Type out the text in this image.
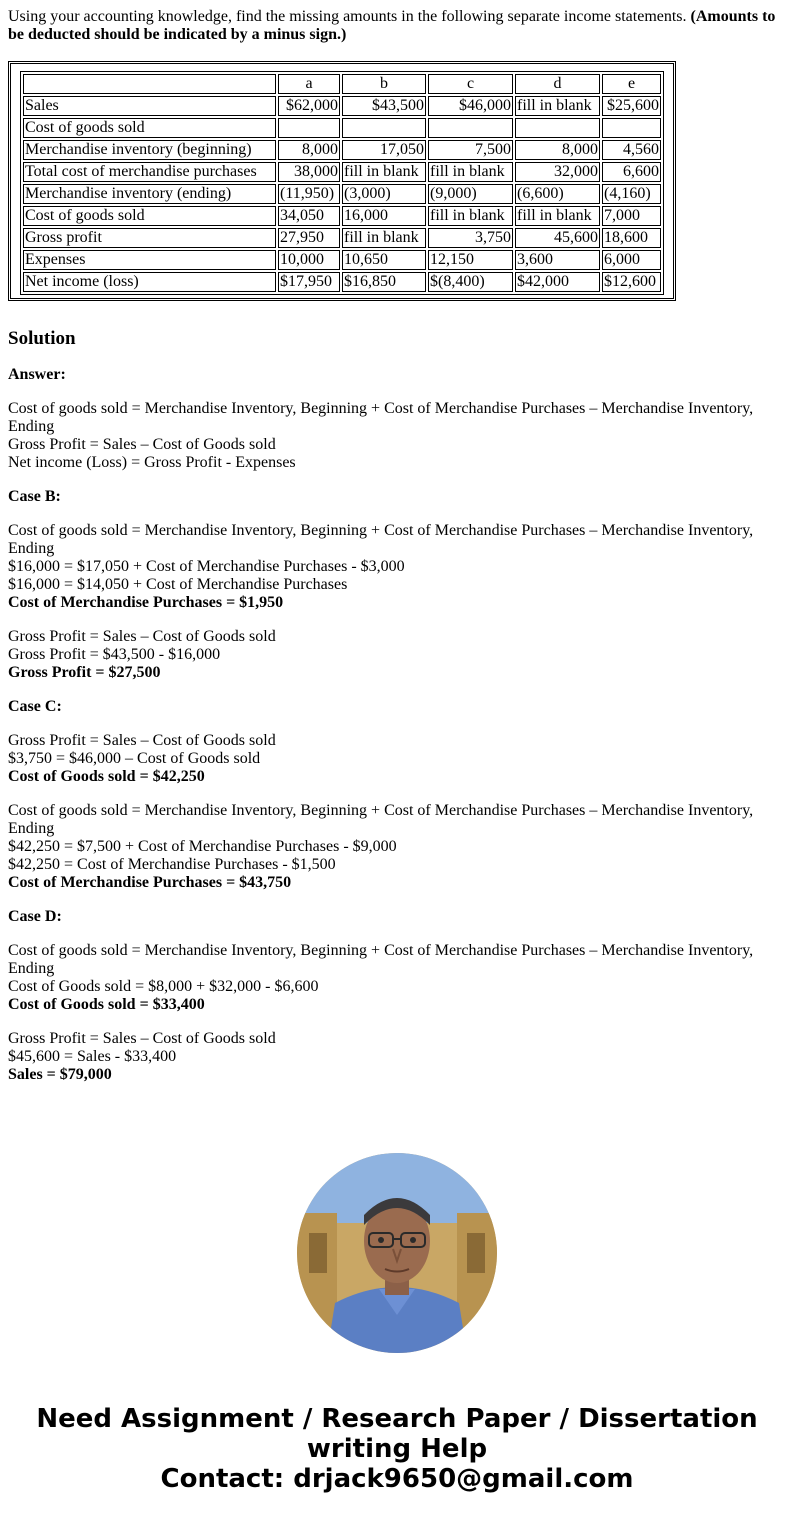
Using your accounting knowledge, find the missing amounts in the following separate income statements. (Amounts to be deducted should be indicated by a minus sign.)

	a	b	c	d	e
Sales	$62,000	$43,500	$46,000	fill in blank	$25,600
Cost of goods sold					
Merchandise inventory (beginning)	8,000	17,050	7,500	8,000	4,560
Total cost of merchandise purchases	38,000	fill in blank	fill in blank	32,000	6,600
Merchandise inventory (ending)	(11,950)	(3,000)	(9,000)	(6,600)	(4,160)
Cost of goods sold	34,050	16,000	fill in blank	fill in blank	7,000
Gross profit	27,950	fill in blank	3,750	45,600	18,600
Expenses	10,000	10,650	12,150	3,600	6,000
Net income (loss)	$17,950	$16,850	$(8,400)	$42,000	$12,600
Solution

Answer:

Cost of goods sold = Merchandise Inventory, Beginning + Cost of Merchandise Purchases – Merchandise Inventory, Ending
Gross Profit = Sales – Cost of Goods sold
Net income (Loss) = Gross Profit - Expenses

Case B:

Cost of goods sold = Merchandise Inventory, Beginning + Cost of Merchandise Purchases – Merchandise Inventory, Ending
$16,000 = $17,050 + Cost of Merchandise Purchases - $3,000
$16,000 = $14,050 + Cost of Merchandise Purchases
Cost of Merchandise Purchases = $1,950

Gross Profit = Sales – Cost of Goods sold
Gross Profit = $43,500 - $16,000
Gross Profit = $27,500

Case C:

Gross Profit = Sales – Cost of Goods sold
$3,750 = $46,000 – Cost of Goods sold
Cost of Goods sold = $42,250

Cost of goods sold = Merchandise Inventory, Beginning + Cost of Merchandise Purchases – Merchandise Inventory, Ending
$42,250 = $7,500 + Cost of Merchandise Purchases - $9,000
$42,250 = Cost of Merchandise Purchases - $1,500
Cost of Merchandise Purchases = $43,750

Case D:

Cost of goods sold = Merchandise Inventory, Beginning + Cost of Merchandise Purchases – Merchandise Inventory, Ending
Cost of Goods sold = $8,000 + $32,000 - $6,600
Cost of Goods sold = $33,400

Gross Profit = Sales – Cost of Goods sold
$45,600 = Sales - $33,400
Sales = $79,000

Need Assignment / Research Paper / Dissertation
writing Help
Contact: drjack9650@gmail.com
